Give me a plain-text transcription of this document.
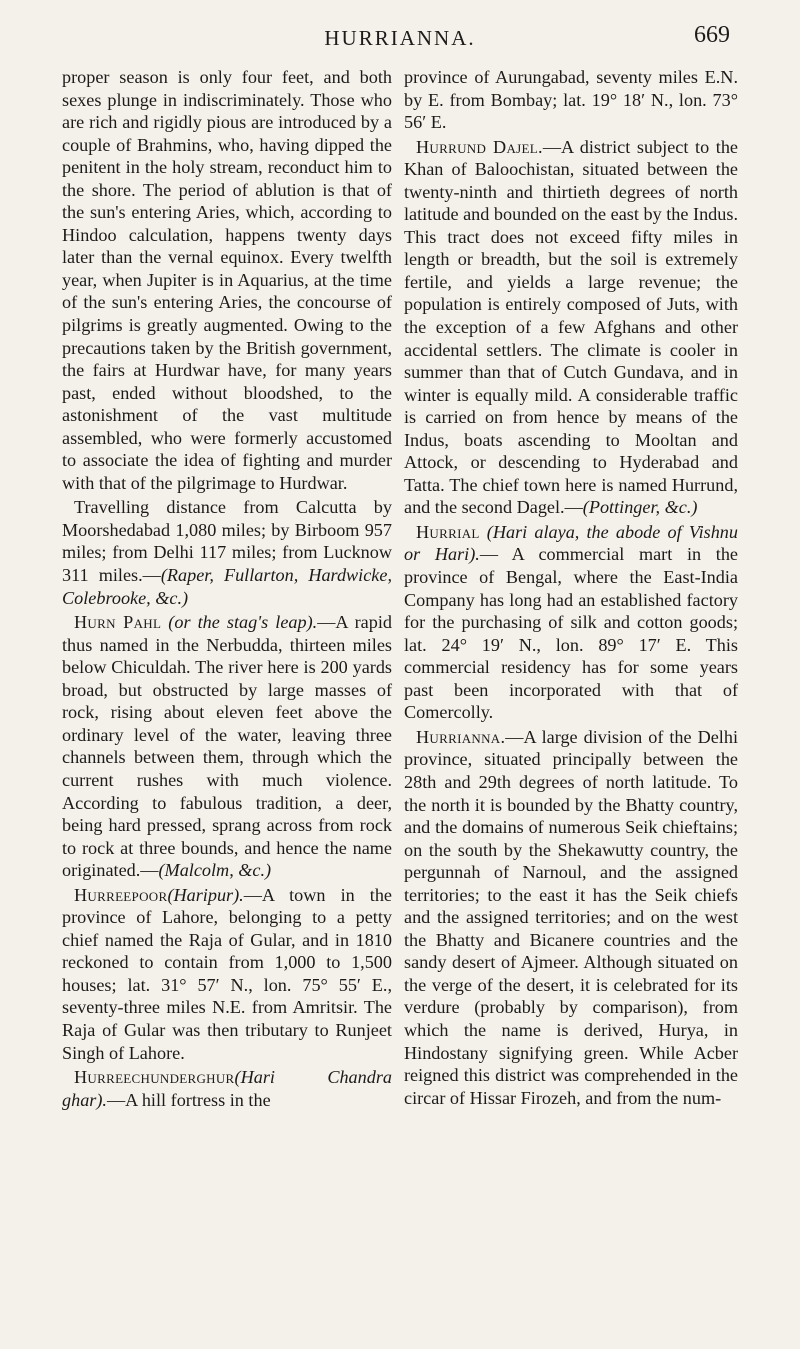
HURRIANNA.	669

proper season is only four feet, and both sexes plunge in indiscriminately. Those who are rich and rigidly pious are introduced by a couple of Brahmins, who, having dipped the penitent in the holy stream, reconduct him to the shore. The period of ablution is that of the sun's entering Aries, which, according to Hindoo calculation, happens twenty days later than the vernal equinox. Every twelfth year, when Jupiter is in Aquarius, at the time of the sun's entering Aries, the concourse of pilgrims is greatly augmented. Owing to the precautions taken by the British government, the fairs at Hurdwar have, for many years past, ended without bloodshed, to the astonishment of the vast multitude assembled, who were formerly accustomed to associate the idea of fighting and murder with that of the pilgrimage to Hurdwar.

Travelling distance from Calcutta by Moorshedabad 1,080 miles; by Birboom 957 miles; from Delhi 117 miles; from Lucknow 311 miles.—(Raper, Fullarton, Hardwicke, Colebrooke, &c.)

Hurn Pahl (or the stag's leap).—A rapid thus named in the Nerbudda, thirteen miles below Chiculdah. The river here is 200 yards broad, but obstructed by large masses of rock, rising about eleven feet above the ordinary level of the water, leaving three channels between them, through which the current rushes with much violence. According to fabulous tradition, a deer, being hard pressed, sprang across from rock to rock at three bounds, and hence the name originated.—(Malcolm, &c.)

Hurreepoor(Haripur).—A town in the province of Lahore, belonging to a petty chief named the Raja of Gular, and in 1810 reckoned to contain from 1,000 to 1,500 houses; lat. 31° 57′ N., lon. 75° 55′ E., seventy-three miles N.E. from Amritsir. The Raja of Gular was then tributary to Runjeet Singh of Lahore.

Hurreechunderghur(Hari Chandra ghar).—A hill fortress in the

province of Aurungabad, seventy miles E.N. by E. from Bombay; lat. 19° 18′ N., lon. 73° 56′ E.

Hurrund Dajel.—A district subject to the Khan of Baloochistan, situated between the twenty-ninth and thirtieth degrees of north latitude and bounded on the east by the Indus. This tract does not exceed fifty miles in length or breadth, but the soil is extremely fertile, and yields a large revenue; the population is entirely composed of Juts, with the exception of a few Afghans and other accidental settlers. The climate is cooler in summer than that of Cutch Gundava, and in winter is equally mild. A considerable traffic is carried on from hence by means of the Indus, boats ascending to Mooltan and Attock, or descending to Hyderabad and Tatta. The chief town here is named Hurrund, and the second Dagel.—(Pottinger, &c.)

Hurrial (Hari alaya, the abode of Vishnu or Hari).— A commercial mart in the province of Bengal, where the East-India Company has long had an established factory for the purchasing of silk and cotton goods; lat. 24° 19′ N., lon. 89° 17′ E. This commercial residency has for some years past been incorporated with that of Comercolly.

Hurrianna.—A large division of the Delhi province, situated principally between the 28th and 29th degrees of north latitude. To the north it is bounded by the Bhatty country, and the domains of numerous Seik chieftains; on the south by the Shekawutty country, the pergunnah of Narnoul, and the assigned territories; to the east it has the Seik chiefs and the assigned territories; and on the west the Bhatty and Bicanere countries and the sandy desert of Ajmeer. Although situated on the verge of the desert, it is celebrated for its verdure (probably by comparison), from which the name is derived, Hurya, in Hindostany signifying green. While Acber reigned this district was comprehended in the circar of Hissar Firozeh, and from the num-
